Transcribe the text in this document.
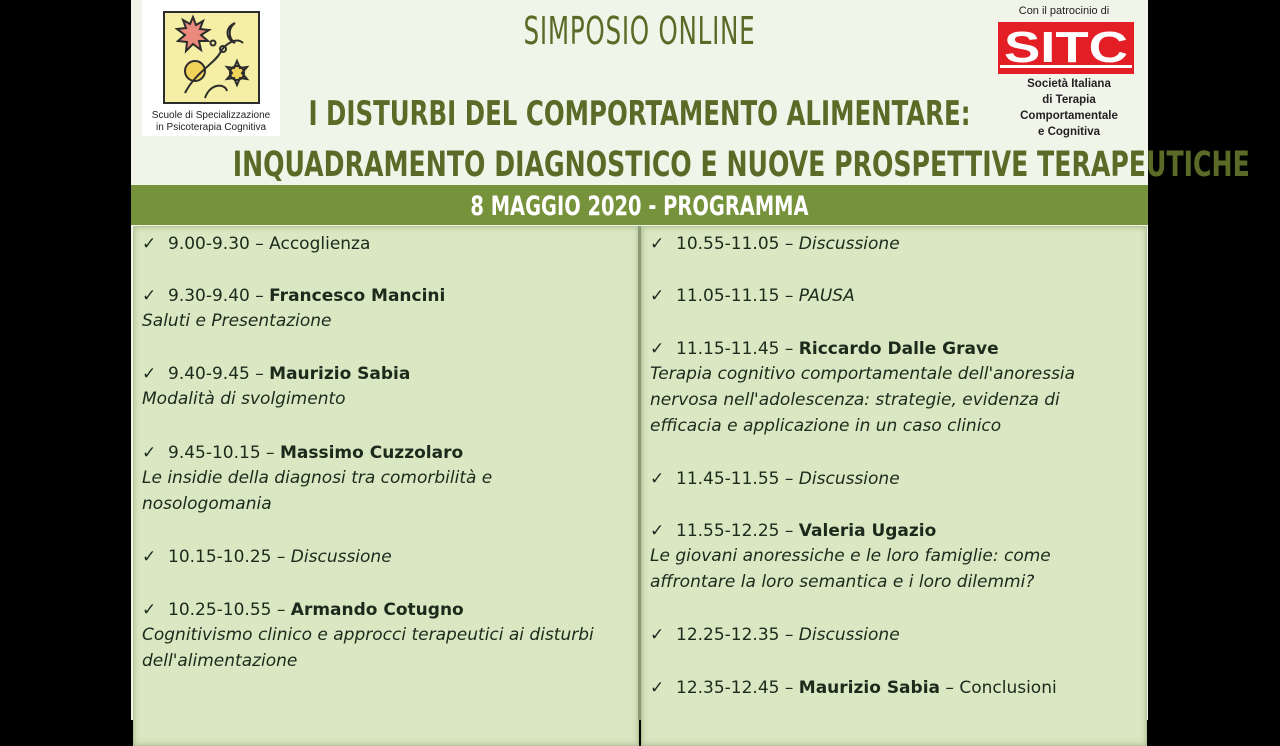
Scuole di Specializzazione
in Psicoterapia Cognitiva
SIMPOSIO ONLINE
I DISTURBI DEL COMPORTAMENTO ALIMENTARE:
INQUADRAMENTO DIAGNOSTICO E NUOVE PROSPETTIVE TERAPEUTICHE
Con il patrocinio di
SITC
Società Italiana
di Terapia
Comportamentale
e Cognitiva
8 MAGGIO 2020 - PROGRAMMA
✓ 9.00-9.30 – Accoglienza
✓ 9.30-9.40 – Francesco Mancini
Saluti e Presentazione
✓ 9.40-9.45 – Maurizio Sabia
Modalità di svolgimento
✓ 9.45-10.15 – Massimo Cuzzolaro
Le insidie della diagnosi tra comorbilità e
nosologomania
✓ 10.15-10.25 – Discussione
✓ 10.25-10.55 – Armando Cotugno
Cognitivismo clinico e approcci terapeutici ai disturbi
dell'alimentazione
✓ 10.55-11.05 – Discussione
✓ 11.05-11.15 – PAUSA
✓ 11.15-11.45 – Riccardo Dalle Grave
Terapia cognitivo comportamentale dell'anoressia
nervosa nell'adolescenza: strategie, evidenza di
efficacia e applicazione in un caso clinico
✓ 11.45-11.55 – Discussione
✓ 11.55-12.25 – Valeria Ugazio
Le giovani anoressiche e le loro famiglie: come
affrontare la loro semantica e i loro dilemmi?
✓ 12.25-12.35 – Discussione
✓ 12.35-12.45 – Maurizio Sabia – Conclusioni
